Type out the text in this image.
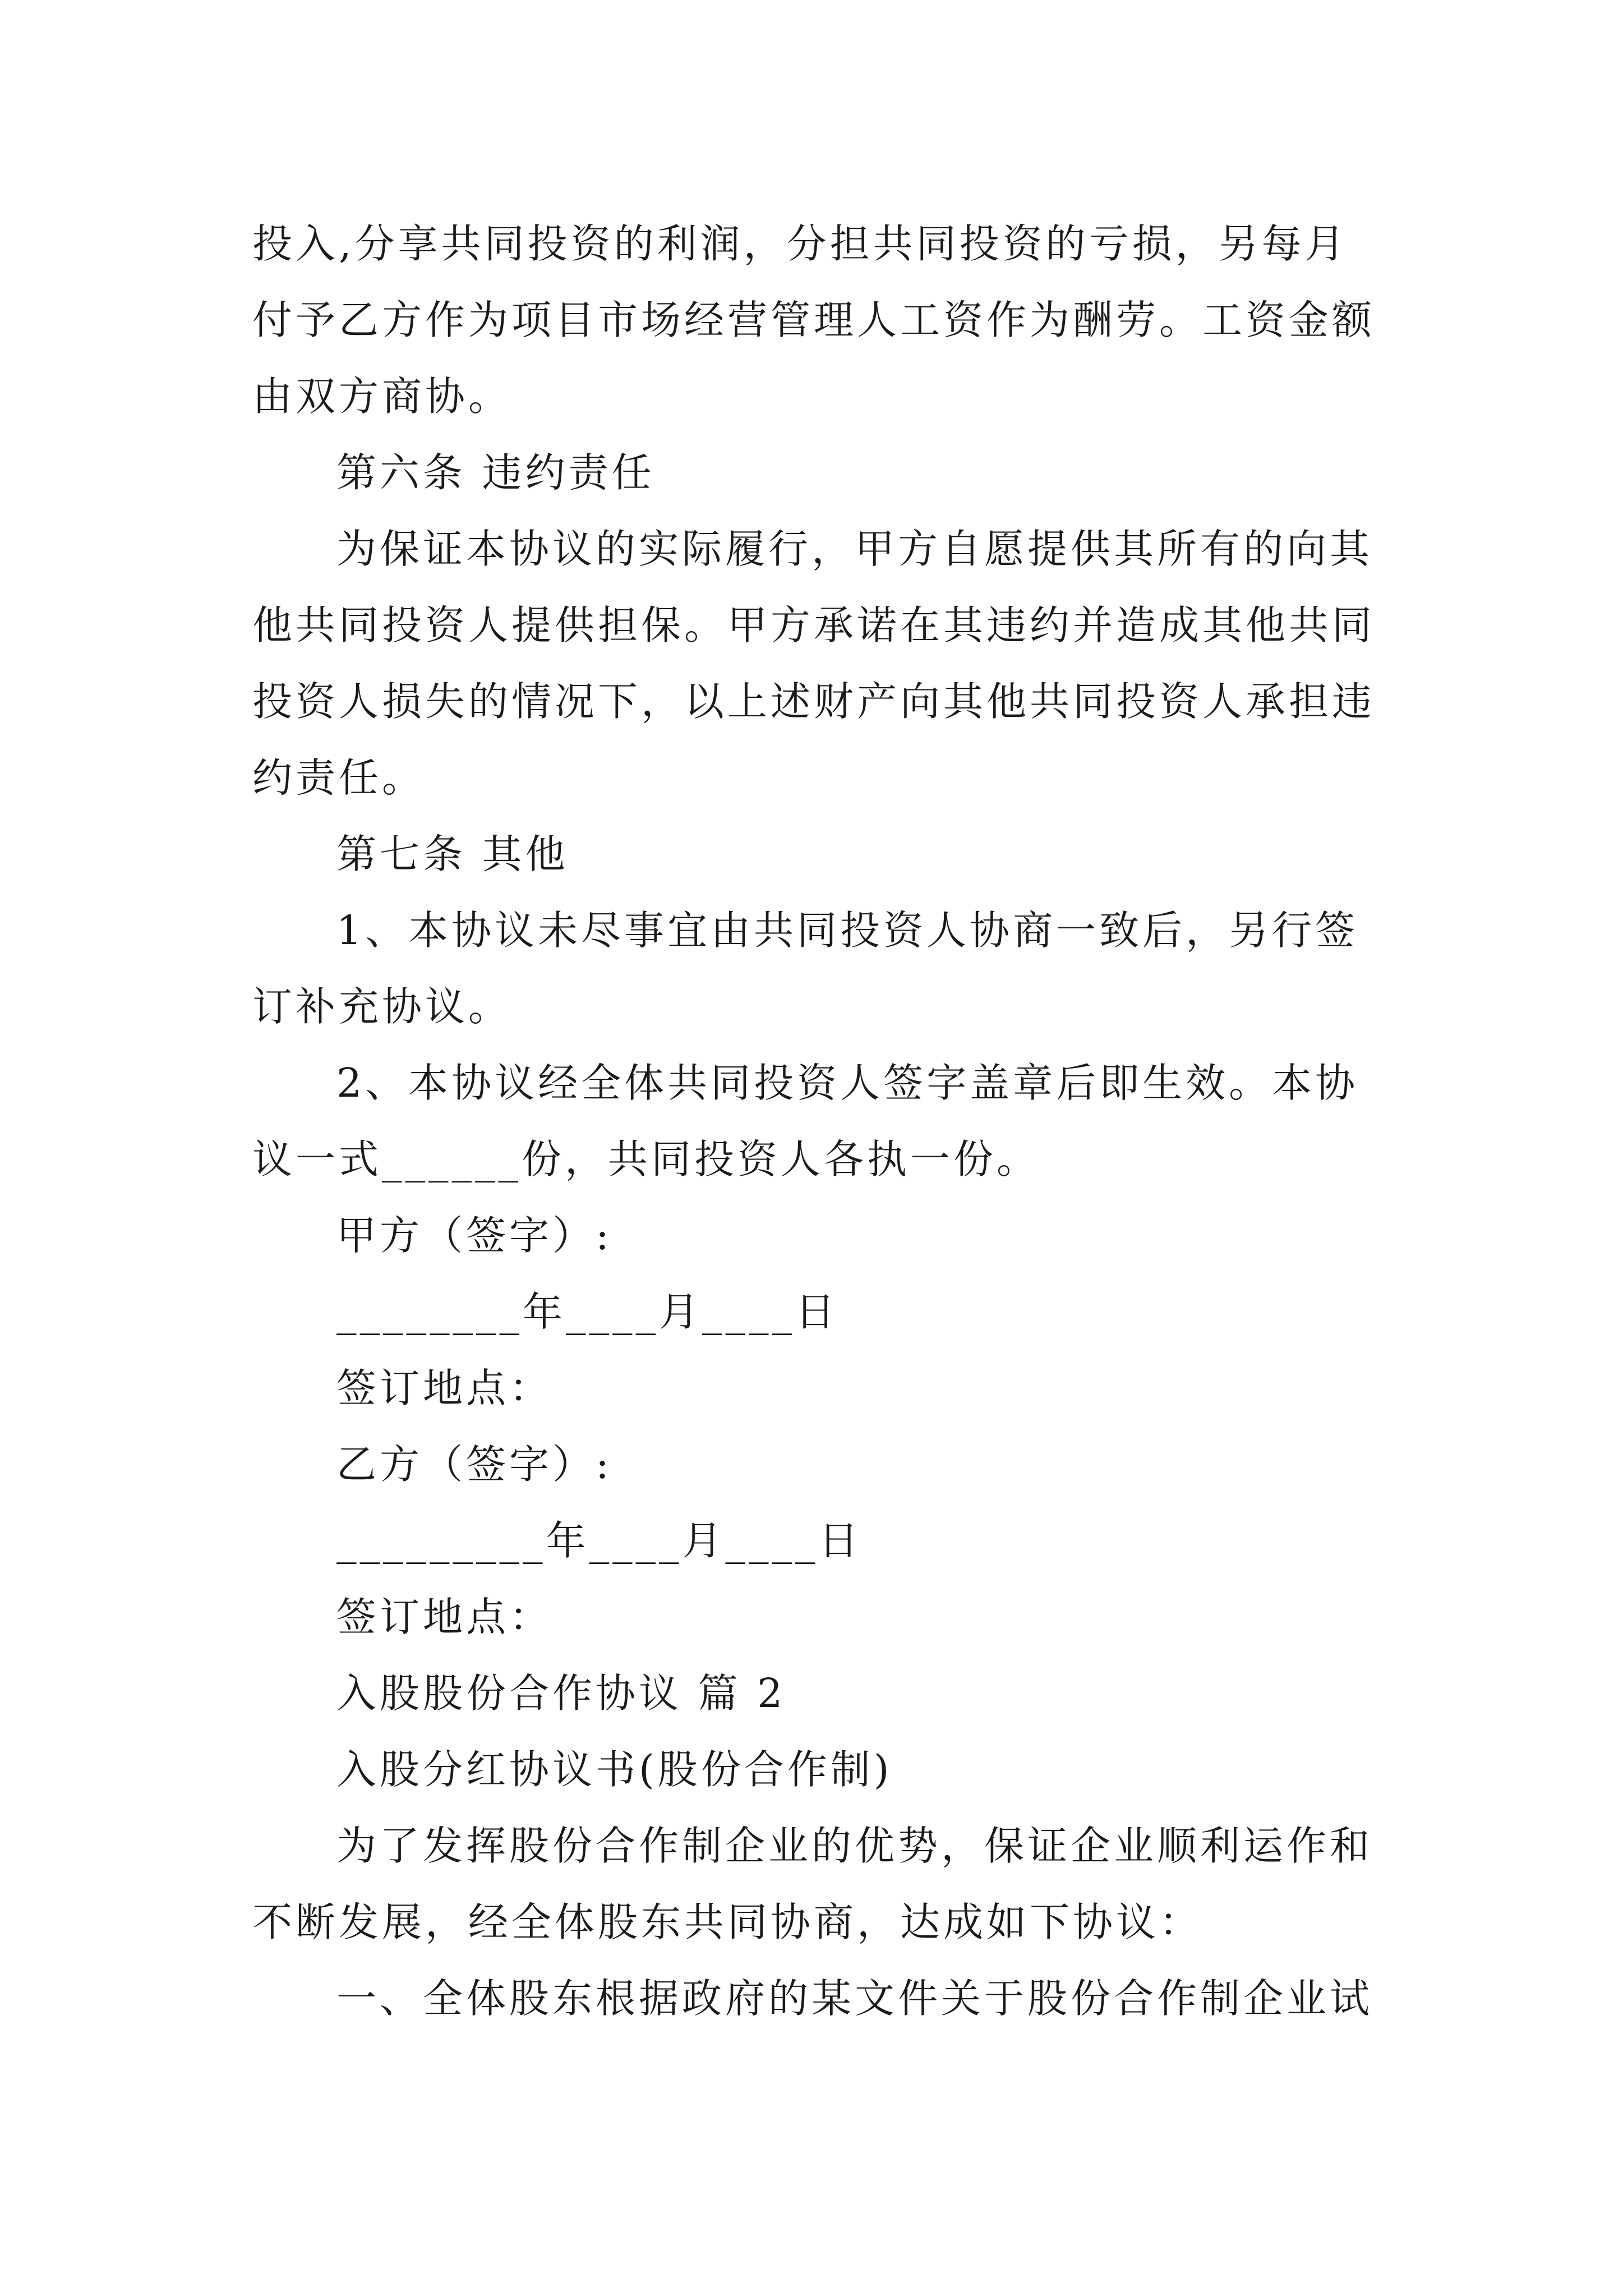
投入,分享共同投资的利润，分担共同投资的亏损，另每月

付予乙方作为项目市场经营管理人工资作为酬劳。工资金额

由双方商协。

第六条 违约责任

为保证本协议的实际履行，甲方自愿提供其所有的向其

他共同投资人提供担保。甲方承诺在其违约并造成其他共同

投资人损失的情况下，以上述财产向其他共同投资人承担违

约责任。

第七条 其他

1、本协议未尽事宜由共同投资人协商一致后，另行签

订补充协议。

2、本协议经全体共同投资人签字盖章后即生效。本协

议一式______份，共同投资人各执一份。

甲方（签字）:

________年____月____日

签订地点：

乙方（签字）:

_________年____月____日

签订地点：

入股股份合作协议 篇 2

入股分红协议书(股份合作制)

为了发挥股份合作制企业的优势，保证企业顺利运作和

不断发展，经全体股东共同协商，达成如下协议：

一、全体股东根据政府的某文件关于股份合作制企业试
